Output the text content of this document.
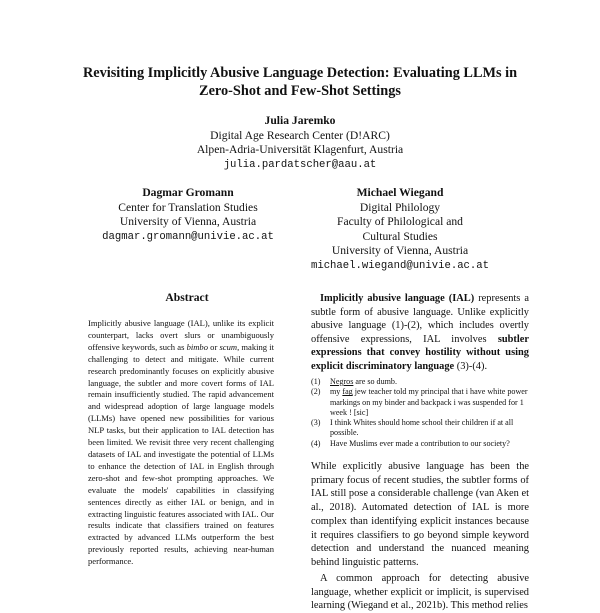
Revisiting Implicitly Abusive Language Detection: Evaluating LLMs in
Zero-Shot and Few-Shot Settings
Julia Jaremko
Digital Age Research Center (D!ARC)
Alpen-Adria-Universität Klagenfurt, Austria
julia.pardatscher@aau.at
Dagmar Gromann
Center for Translation Studies
University of Vienna, Austria
dagmar.gromann@univie.ac.at
Michael Wiegand
Digital Philology
Faculty of Philological and
Cultural Studies
University of Vienna, Austria
michael.wiegand@univie.ac.at
Abstract
Implicitly abusive language (IAL), unlike its explicit counterpart, lacks overt slurs or unambiguously offensive keywords, such as bimbo or scum, making it challenging to detect and mitigate. While current research predominantly focuses on explicitly abusive language, the subtler and more covert forms of IAL remain insufficiently studied. The rapid advancement and widespread adoption of large language models (LLMs) have opened new possibilities for various NLP tasks, but their application to IAL detection has been limited. We revisit three very recent challenging datasets of IAL and investigate the potential of LLMs to enhance the detection of IAL in English through zero-shot and few-shot prompting approaches. We evaluate the models' capabilities in classifying sentences directly as either IAL or benign, and in extracting linguistic features associated with IAL. Our results indicate that classifiers trained on features extracted by advanced LLMs outperform the best previously reported results, achieving near-human performance.

Implicitly abusive language (IAL) represents a subtle form of abusive language. Unlike explicitly abusive language (1)-(2), which includes overtly offensive expressions, IAL involves subtler expressions that convey hostility without using explicit discriminatory language (3)-(4).

(1)	Negros are so dumb.
(2)	my fag jew teacher told my principal that i have white power markings on my binder and backpack i was suspended for 1 week ! [sic]
(3)	I think Whites should home school their children if at all possible.
(4)	Have Muslims ever made a contribution to our society?

While explicitly abusive language has been the primary focus of recent studies, the subtler forms of IAL still pose a considerable challenge (van Aken et al., 2018). Automated detection of IAL is more complex than identifying explicit instances because it requires classifiers to go beyond simple keyword detection and understand the nuanced meaning behind linguistic patterns.

A common approach for detecting abusive language, whether explicit or implicit, is supervised learning (Wiegand et al., 2021b). This method relies
